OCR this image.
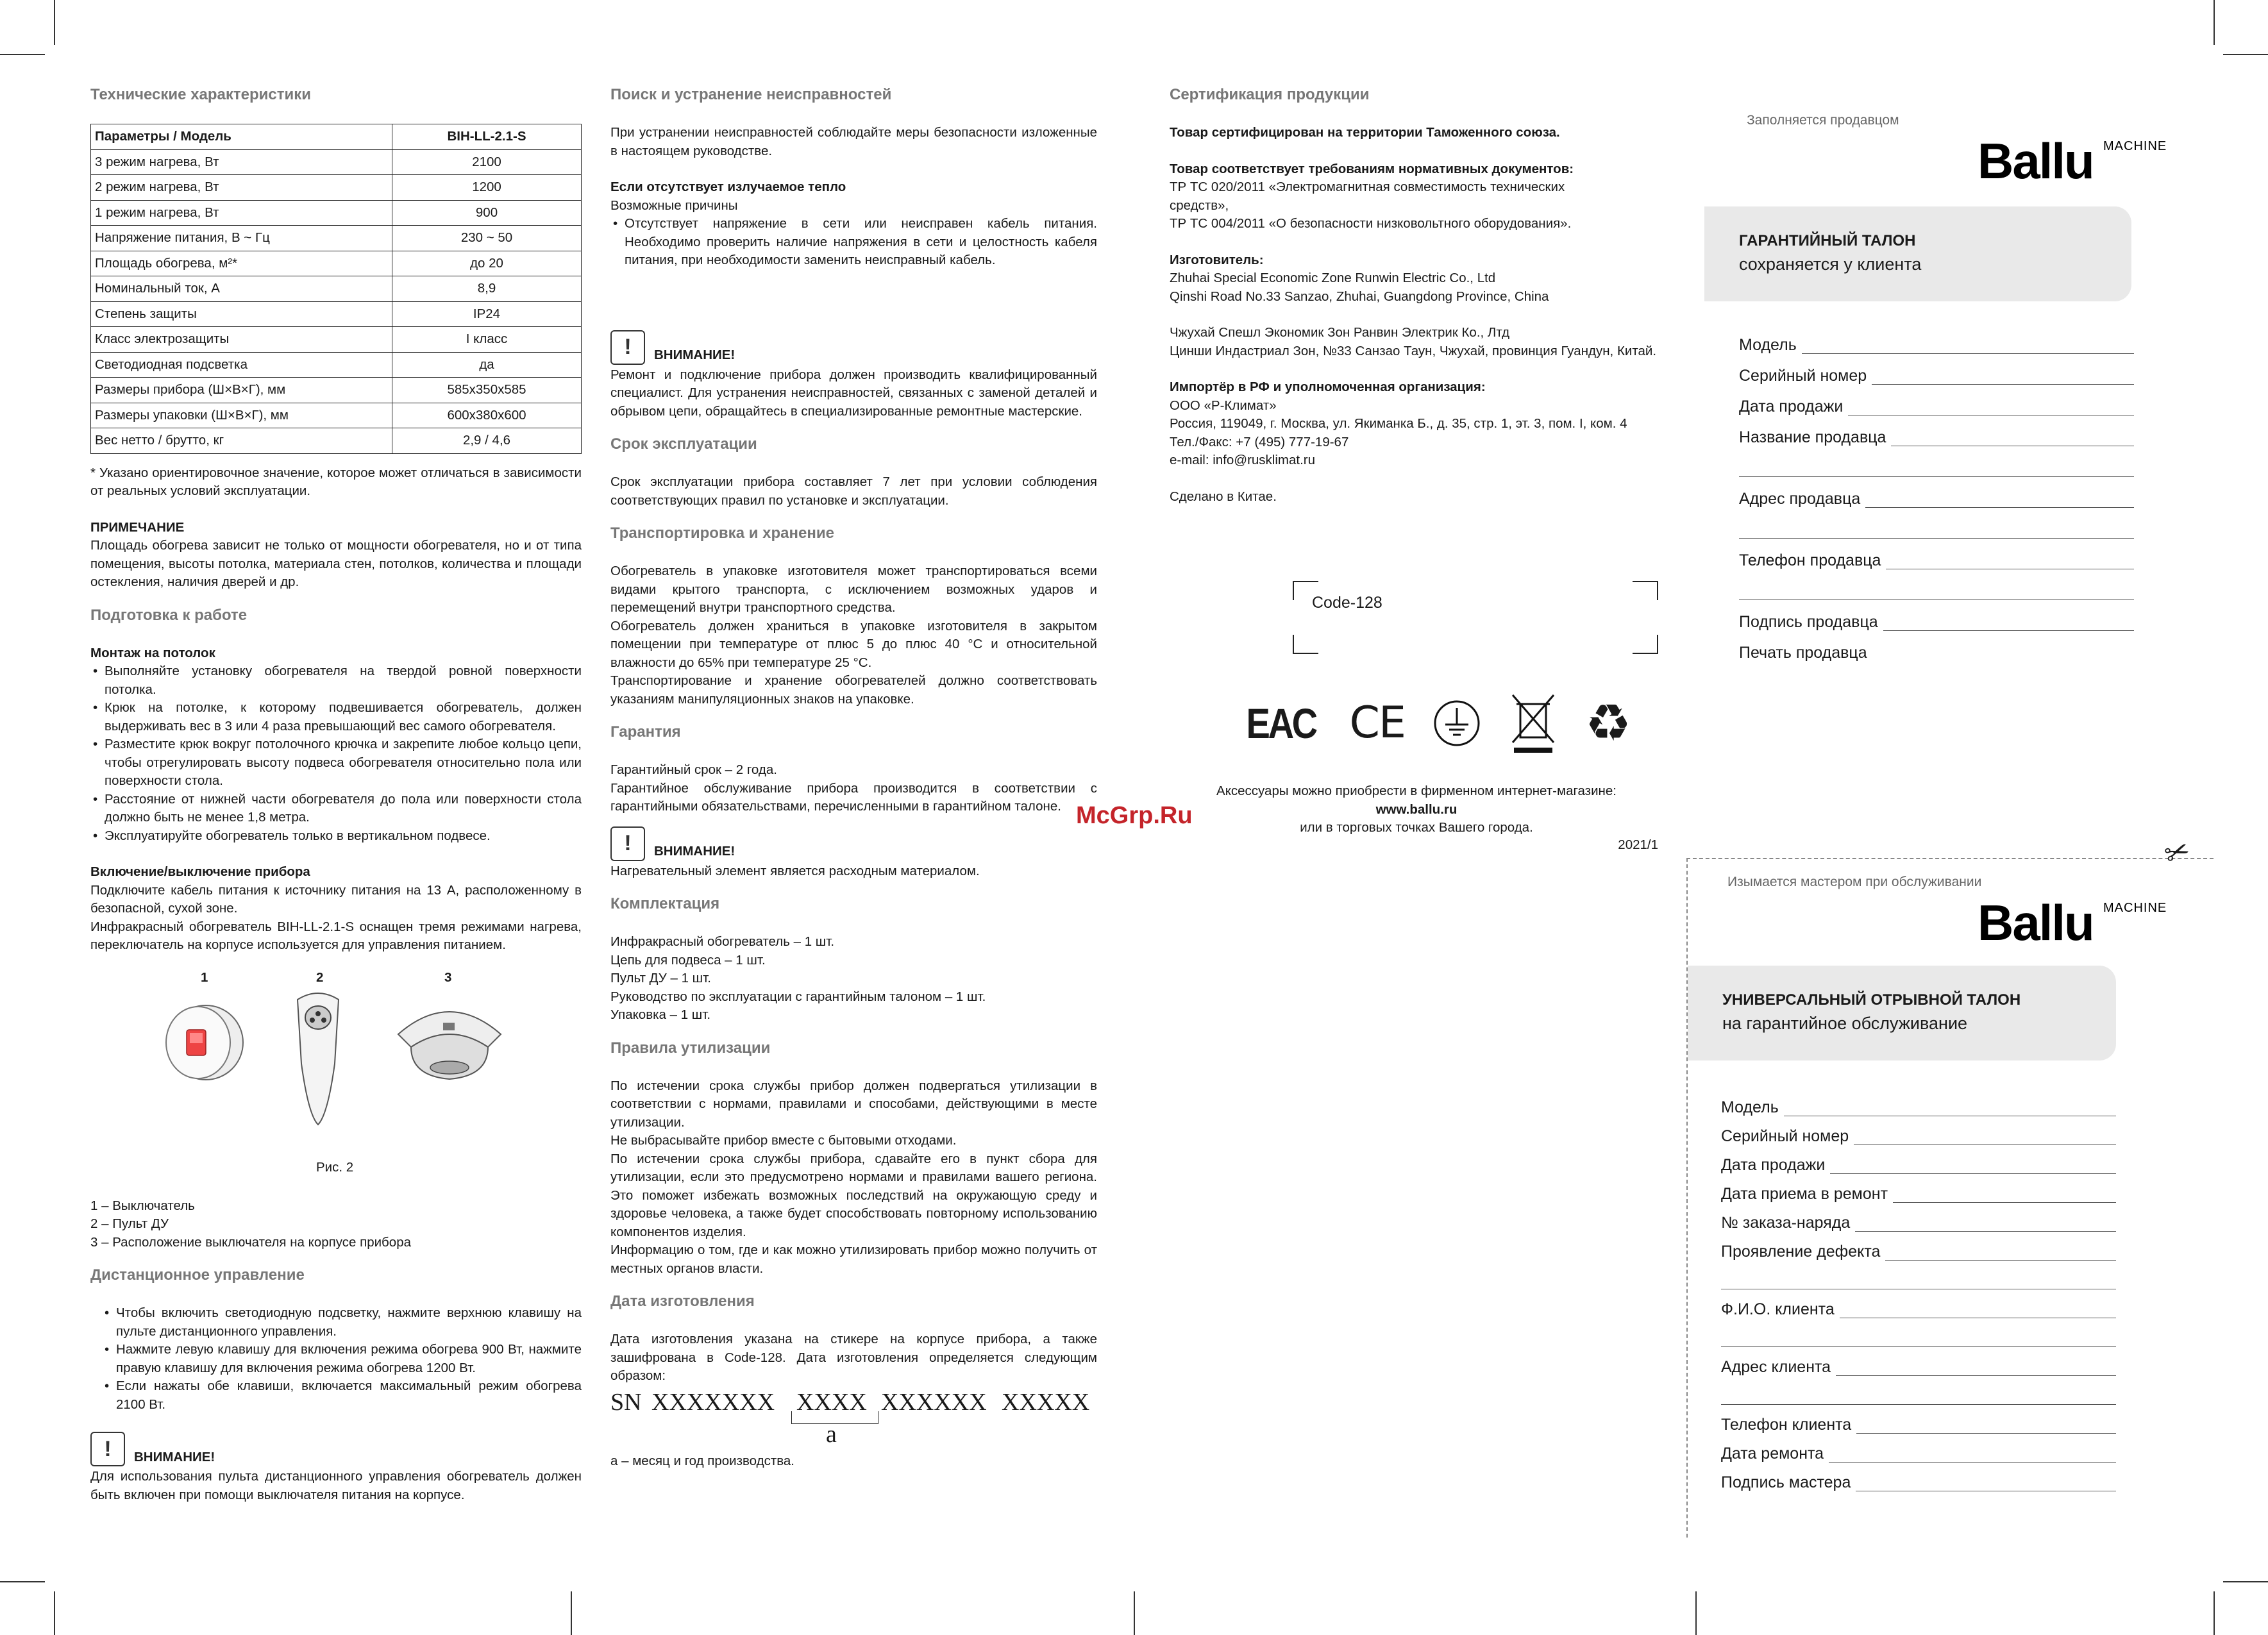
Технические характеристики
Параметры / Модель	BIH-LL-2.1-S
3 режим нагрева, Вт	2100
2 режим нагрева, Вт	1200
1 режим нагрева, Вт	900
Напряжение питания, В ~ Гц	230 ~ 50
Площадь обогрева, м²*	до 20
Номинальный ток, А	8,9
Степень защиты	IP24
Класс электрозащиты	I класс
Светодиодная подсветка	да
Размеры прибора (Ш×В×Г), мм	585x350x585
Размеры упаковки (Ш×В×Г), мм	600x380x600
Вес нетто / брутто, кг	2,9 / 4,6

* Указано ориентировочное значение, которое может отличаться в зависимости от реальных условий эксплуатации.

ПРИМЕЧАНИЕ

Площадь обогрева зависит не только от мощности обогревателя, но и от типа помещения, высоты потолка, материала стен, потолков, количества и площади остекления, наличия дверей и др.

Подготовка к работе

Монтаж на потолок

• Выполняйте установку обогревателя на твердой ровной поверхности потолка.
• Крюк на потолке, к которому подвешивается обогреватель, должен выдерживать вес в 3 или 4 раза превышающий вес самого обогревателя.
• Разместите крюк вокруг потолочного крючка и закрепите любое кольцо цепи, чтобы отрегулировать высоту подвеса обогревателя относительно пола или поверхности стола.
• Расстояние от нижней части обогревателя до пола или поверхности стола должно быть не менее 1,8 метра.
• Эксплуатируйте обогреватель только в вертикальном подвесе.

Включение/выключение прибора

Подключите кабель питания к источнику питания на 13 А, расположенному в безопасной, сухой зоне.

Инфракрасный обогреватель BIH-LL-2.1-S оснащен тремя режимами нагрева, переключатель на корпусе используется для управления питанием.

1	2	3
Рис. 2

1 – Выключатель

2 – Пульт ДУ

3 – Расположение выключателя на корпусе прибора

Дистанционное управление
• Чтобы включить светодиодную подсветку, нажмите верхнюю клавишу на пульте дистанционного управления.
• Нажмите левую клавишу для включения режима обогрева 900 Вт, нажмите правую клавишу для включения режима обогрева 1200 Вт.
• Если нажаты обе клавиши, включается максимальный режим обогрева 2100 Вт.
!	ВНИМАНИЕ!

Для использования пульта дистанционного управления обогреватель должен быть включен при помощи выключателя питания на корпусе.

Поиск и устранение неисправностей

При устранении неисправностей соблюдайте меры безопасности изложенные в настоящем руководстве.

Если отсутствует излучаемое тепло

Возможные причины

• Отсутствует напряжение в сети или неисправен кабель питания. Необходимо проверить наличие напряжения в сети и целостность кабеля питания, при необходимости заменить неисправный кабель.
!	ВНИМАНИЕ!

Ремонт и подключение прибора должен производить квалифицированный специалист. Для устранения неисправностей, связанных с заменой деталей и обрывом цепи, обращайтесь в специализированные ремонтные мастерские.

Срок эксплуатации

Срок эксплуатации прибора составляет 7 лет при условии соблюдения соответствующих правил по установке и эксплуатации.

Транспортировка и хранение

Обогреватель в упаковке изготовителя может транспортироваться всеми видами крытого транспорта, с исключением возможных ударов и перемещений внутри транспортного средства.

Обогреватель должен храниться в упаковке изготовителя в закрытом помещении при температуре от плюс 5 до плюс 40 °С и относительной влажности до 65% при температуре 25 °С.

Транспортирование и хранение обогревателей должно соответствовать указаниям манипуляционных знаков на упаковке.

Гарантия

Гарантийный срок – 2 года.

Гарантийное обслуживание прибора производится в соответствии с гарантийными обязательствами, перечисленными в гарантийном талоне.

!	ВНИМАНИЕ!

Нагревательный элемент является расходным материалом.

Комплектация

Инфракрасный обогреватель – 1 шт.

Цепь для подвеса – 1 шт.

Пульт ДУ – 1 шт.

Руководство по эксплуатации с гарантийным талоном – 1 шт.

Упаковка – 1 шт.

Правила утилизации

По истечении срока службы прибор должен подвергаться утилизации в соответствии с нормами, правилами и способами, действующими в месте утилизации.

Не выбрасывайте прибор вместе с бытовыми отходами.

По истечении срока службы прибора, сдавайте его в пункт сбора для утилизации, если это предусмотрено нормами и правилами вашего региона. Это поможет избежать возможных последствий на окружающую среду и здоровье человека, а также будет способствовать повторному использованию компонентов изделия.

Информацию о том, где и как можно утилизировать прибор можно получить от местных органов власти.

Дата изготовления

Дата изготовления указана на стикере на корпусе прибора, а также зашифрована в Code-128. Дата изготовления определяется следующим образом:

SN XXXXXXX XXXX XXXXXX XXXXX
a

а – месяц и год производства.

Сертификация продукции

Товар сертифицирован на территории Таможенного союза.

Товар соответствует требованиям нормативных документов:

ТР ТС 020/2011 «Электромагнитная совместимость технических средств»,

ТР ТС 004/2011 «О безопасности низковольтного оборудования».

Изготовитель:

Zhuhai Special Economic Zone Runwin Electric Co., Ltd

Qinshi Road No.33 Sanzao, Zhuhai, Guangdong Province, China

Чжухай Спешл Экономик Зон Ранвин Электрик Ко., Лтд

Цинши Индастриал Зон, №33 Санзао Таун, Чжухай, провинция Гуандун, Китай.

Импортёр в РФ и уполномоченная организация:

ООО «Р-Климат»

Россия, 119049, г. Москва, ул. Якиманка Б., д. 35, стр. 1, эт. 3, пом. I, ком. 4

Тел./Факс: +7 (495) 777-19-67

e-mail: info@rusklimat.ru

Сделано в Китае.

Code-128
EAC CE	♻

Аксессуары можно приобрести в фирменном интернет-магазине:

www.ballu.ru

или в торговых точках Вашего города.

2021/1
McGrp.Ru
✂
Заполняется продавцом
Ballu MACHINE
ГАРАНТИЙНЫЙ ТАЛОН
сохраняется у клиента
Модель
Серийный номер
Дата продажи
Название продавца
Адрес продавца
Телефон продавца
Подпись продавца
Печать продавца
Изымается мастером при обслуживании
Ballu MACHINE
УНИВЕРСАЛЬНЫЙ ОТРЫВНОЙ ТАЛОН
на гарантийное обслуживание
Модель
Серийный номер
Дата продажи
Дата приема в ремонт
№ заказа-наряда
Проявление дефекта
Ф.И.О. клиента
Адрес клиента
Телефон клиента
Дата ремонта
Подпись мастера
